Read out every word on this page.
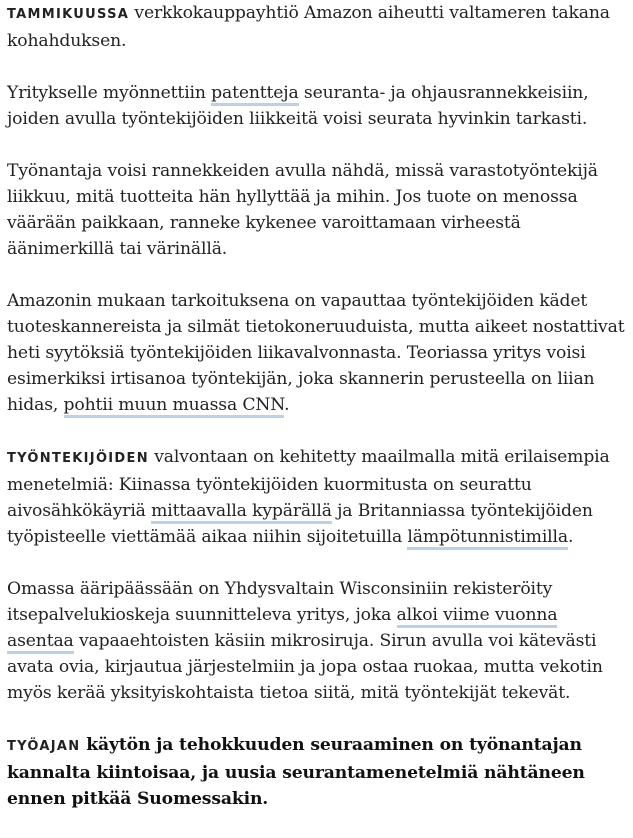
TAMMIKUUSSA verkkokauppayhtiö Amazon aiheutti valtameren takana kohahduksen.

Yritykselle myönnettiin patentteja seuranta- ja ohjausrannekkeisiin, joiden avulla työntekijöiden liikkeitä voisi seurata hyvinkin tarkasti.

Työnantaja voisi rannekkeiden avulla nähdä, missä varastotyöntekijä liikkuu, mitä tuotteita hän hyllyttää ja mihin. Jos tuote on menossa väärään paikkaan, ranneke kykenee varoittamaan virheestä äänimerkillä tai värinällä.

Amazonin mukaan tarkoituksena on vapauttaa työntekijöiden kädet tuoteskannereista ja silmät tietokoneruuduista, mutta aikeet nostattivat heti syytöksiä työntekijöiden liikavalvonnasta. Teoriassa yritys voisi esimerkiksi irtisanoa työntekijän, joka skannerin perusteella on liian hidas, pohtii muun muassa CNN.

TYÖNTEKIJÖIDEN valvontaan on kehitetty maailmalla mitä erilaisempia menetelmiä: Kiinassa työntekijöiden kuormitusta on seurattu aivosähkökäyriä mittaavalla kypärällä ja Britanniassa työntekijöiden työpisteelle viettämää aikaa niihin sijoitetuilla lämpötunnistimilla.

Omassa ääripäässään on Yhdysvaltain Wisconsiniin rekisteröity itsepalvelukioskeja suunnitteleva yritys, joka alkoi viime vuonna asentaa vapaaehtoisten käsiin mikrosiruja. Sirun avulla voi kätevästi avata ovia, kirjautua järjestelmiin ja jopa ostaa ruokaa, mutta vekotin myös kerää yksityiskohtaista tietoa siitä, mitä työntekijät tekevät.

TYÖAJAN käytön ja tehokkuuden seuraaminen on työnantajan kannalta kiintoisaa, ja uusia seurantamenetelmiä nähtäneen ennen pitkää Suomessakin.
